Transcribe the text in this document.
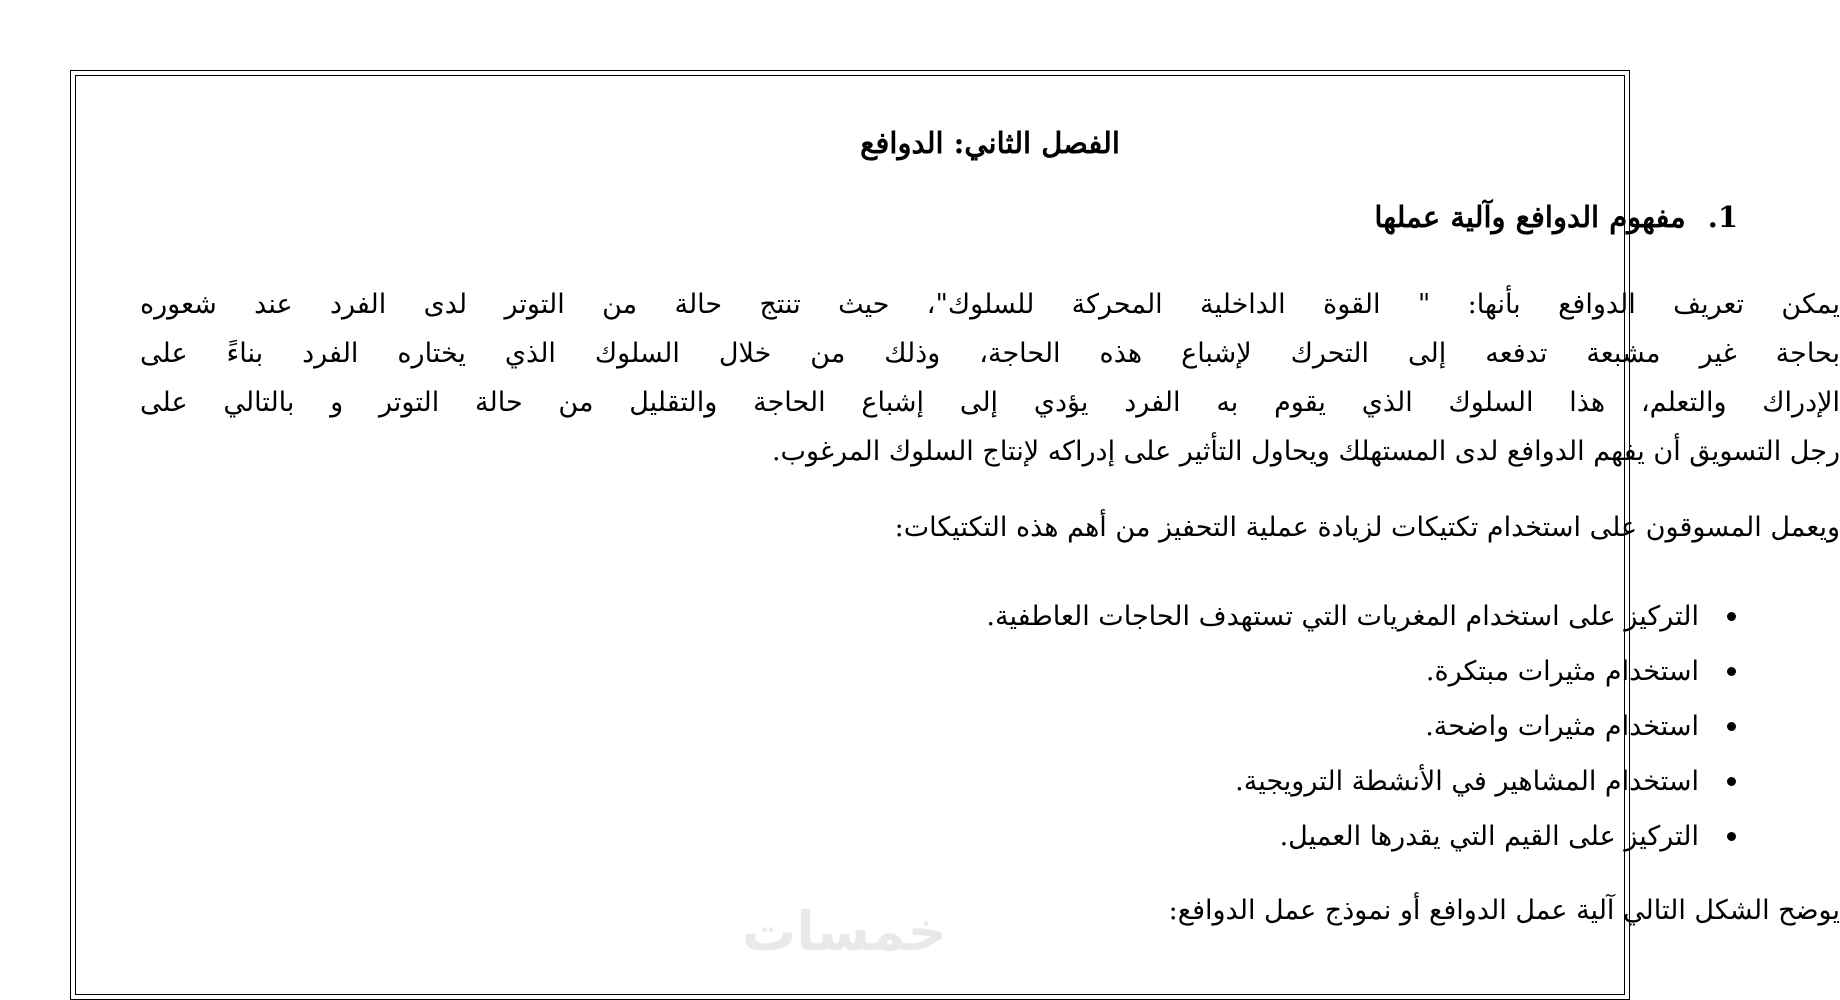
خمسات
الفصل الثاني: الدوافع
1.مفهوم الدوافع وآلية عملها

يمكن تعريف الدوافع بأنها: " القوة الداخلية المحركة للسلوك"، حيث تنتج حالة من التوتر لدى الفرد عند شعوره
بحاجة غير مشبعة تدفعه إلى التحرك لإشباع هذه الحاجة، وذلك من خلال السلوك الذي يختاره الفرد بناءً على
الإدراك والتعلم، هذا السلوك الذي يقوم به الفرد يؤدي إلى إشباع الحاجة والتقليل من حالة التوتر و بالتالي على
رجل التسويق أن يفهم الدوافع لدى المستهلك ويحاول التأثير على إدراكه لإنتاج السلوك المرغوب.

ويعمل المسوقون على استخدام تكتيكات لزيادة عملية التحفيز من أهم هذه التكتيكات:

التركيز على استخدام المغريات التي تستهدف الحاجات العاطفية.
استخدام مثيرات مبتكرة.
استخدام مثيرات واضحة.
استخدام المشاهير في الأنشطة الترويجية.
التركيز على القيم التي يقدرها العميل.

يوضح الشكل التالي آلية عمل الدوافع أو نموذج عمل الدوافع:
